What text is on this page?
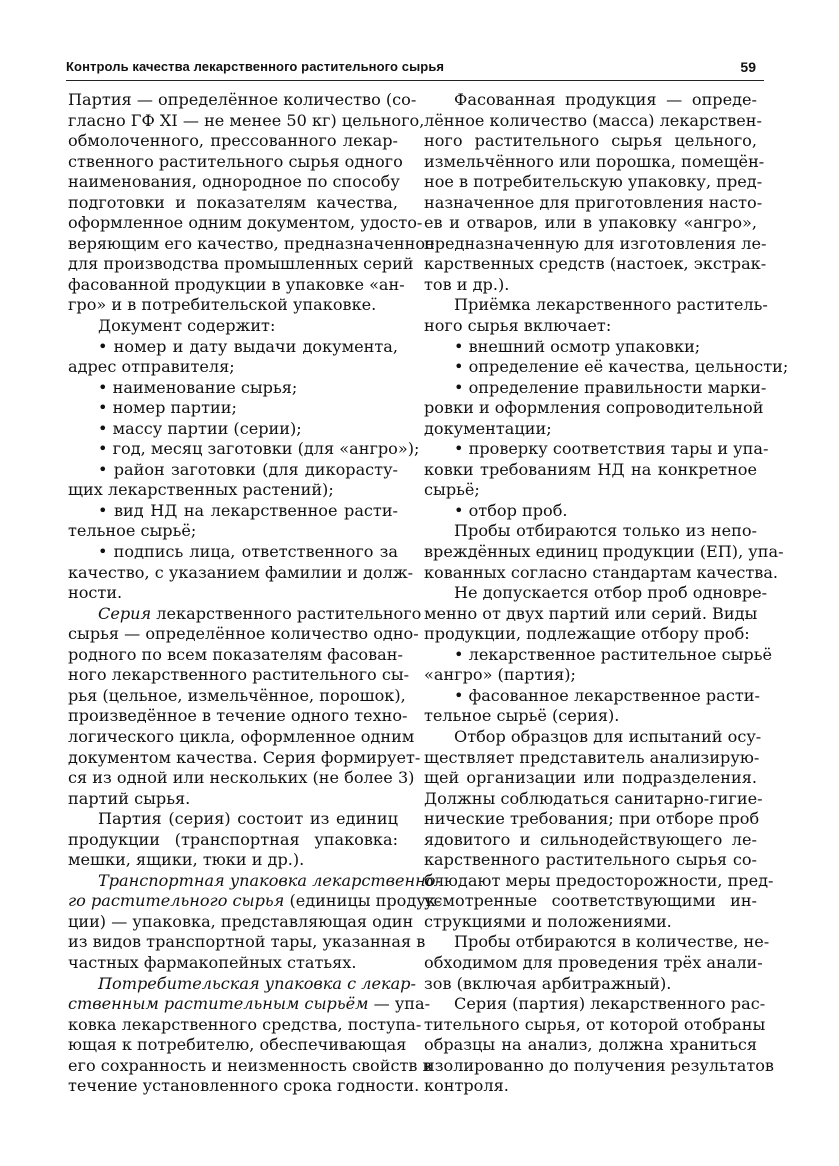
Контроль качества лекарственного растительного сырья	59
Партия — определённое количество (со-
гласно ГФ XI — не менее 50 кг) цельного,
обмолоченного, прессованного лекар-
ственного растительного сырья одного
наименования, однородное по способу
подготовки и показателям качества,
оформленное одним документом, удосто-
веряющим его качество, предназначенное
для производства промышленных серий
фасованной продукции в упаковке «ан-
гро» и в потребительской упаковке.
Документ содержит:
• номер и дату выдачи документа,
адрес отправителя;
• наименование сырья;
• номер партии;
• массу партии (серии);
• год, месяц заготовки (для «ангро»);
• район заготовки (для дикорасту-
щих лекарственных растений);
• вид НД на лекарственное расти-
тельное сырьё;
• подпись лица, ответственного за
качество, с указанием фамилии и долж-
ности.
Серия лекарственного растительного
сырья — определённое количество одно-
родного по всем показателям фасован-
ного лекарственного растительного сы-
рья (цельное, измельчённое, порошок),
произведённое в течение одного техно-
логического цикла, оформленное одним
документом качества. Серия формирует-
ся из одной или нескольких (не более 3)
партий сырья.
Партия (серия) состоит из единиц
продукции (транспортная упаковка:
мешки, ящики, тюки и др.).
Транспортная упаковка лекарственно-
го растительного сырья (единицы продук-
ции) — упаковка, представляющая один
из видов транспортной тары, указанная в
частных фармакопейных статьях.
Потребительская упаковка с лекар-
ственным растительным сырьём — упа-
ковка лекарственного средства, поступа-
ющая к потребителю, обеспечивающая
его сохранность и неизменность свойств в
течение установленного срока годности.
Фасованная продукция — опреде-
лённое количество (масса) лекарствен-
ного растительного сырья цельного,
измельчённого или порошка, помещён-
ное в потребительскую упаковку, пред-
назначенное для приготовления насто-
ев и отваров, или в упаковку «ангро»,
предназначенную для изготовления ле-
карственных средств (настоек, экстрак-
тов и др.).
Приёмка лекарственного раститель-
ного сырья включает:
• внешний осмотр упаковки;
• определение её качества, цельности;
• определение правильности марки-
ровки и оформления сопроводительной
документации;
• проверку соответствия тары и упа-
ковки требованиям НД на конкретное
сырьё;
• отбор проб.
Пробы отбираются только из непо-
вреждённых единиц продукции (ЕП), упа-
кованных согласно стандартам качества.
Не допускается отбор проб одновре-
менно от двух партий или серий. Виды
продукции, подлежащие отбору проб:
• лекарственное растительное сырьё
«ангро» (партия);
• фасованное лекарственное расти-
тельное сырьё (серия).
Отбор образцов для испытаний осу-
ществляет представитель анализирую-
щей организации или подразделения.
Должны соблюдаться санитарно-гигие-
нические требования; при отборе проб
ядовитого и сильнодействующего ле-
карственного растительного сырья со-
блюдают меры предосторожности, пред-
усмотренные соответствующими ин-
струкциями и положениями.
Пробы отбираются в количестве, не-
обходимом для проведения трёх анали-
зов (включая арбитражный).
Серия (партия) лекарственного рас-
тительного сырья, от которой отобраны
образцы на анализ, должна храниться
изолированно до получения результатов
контроля.
